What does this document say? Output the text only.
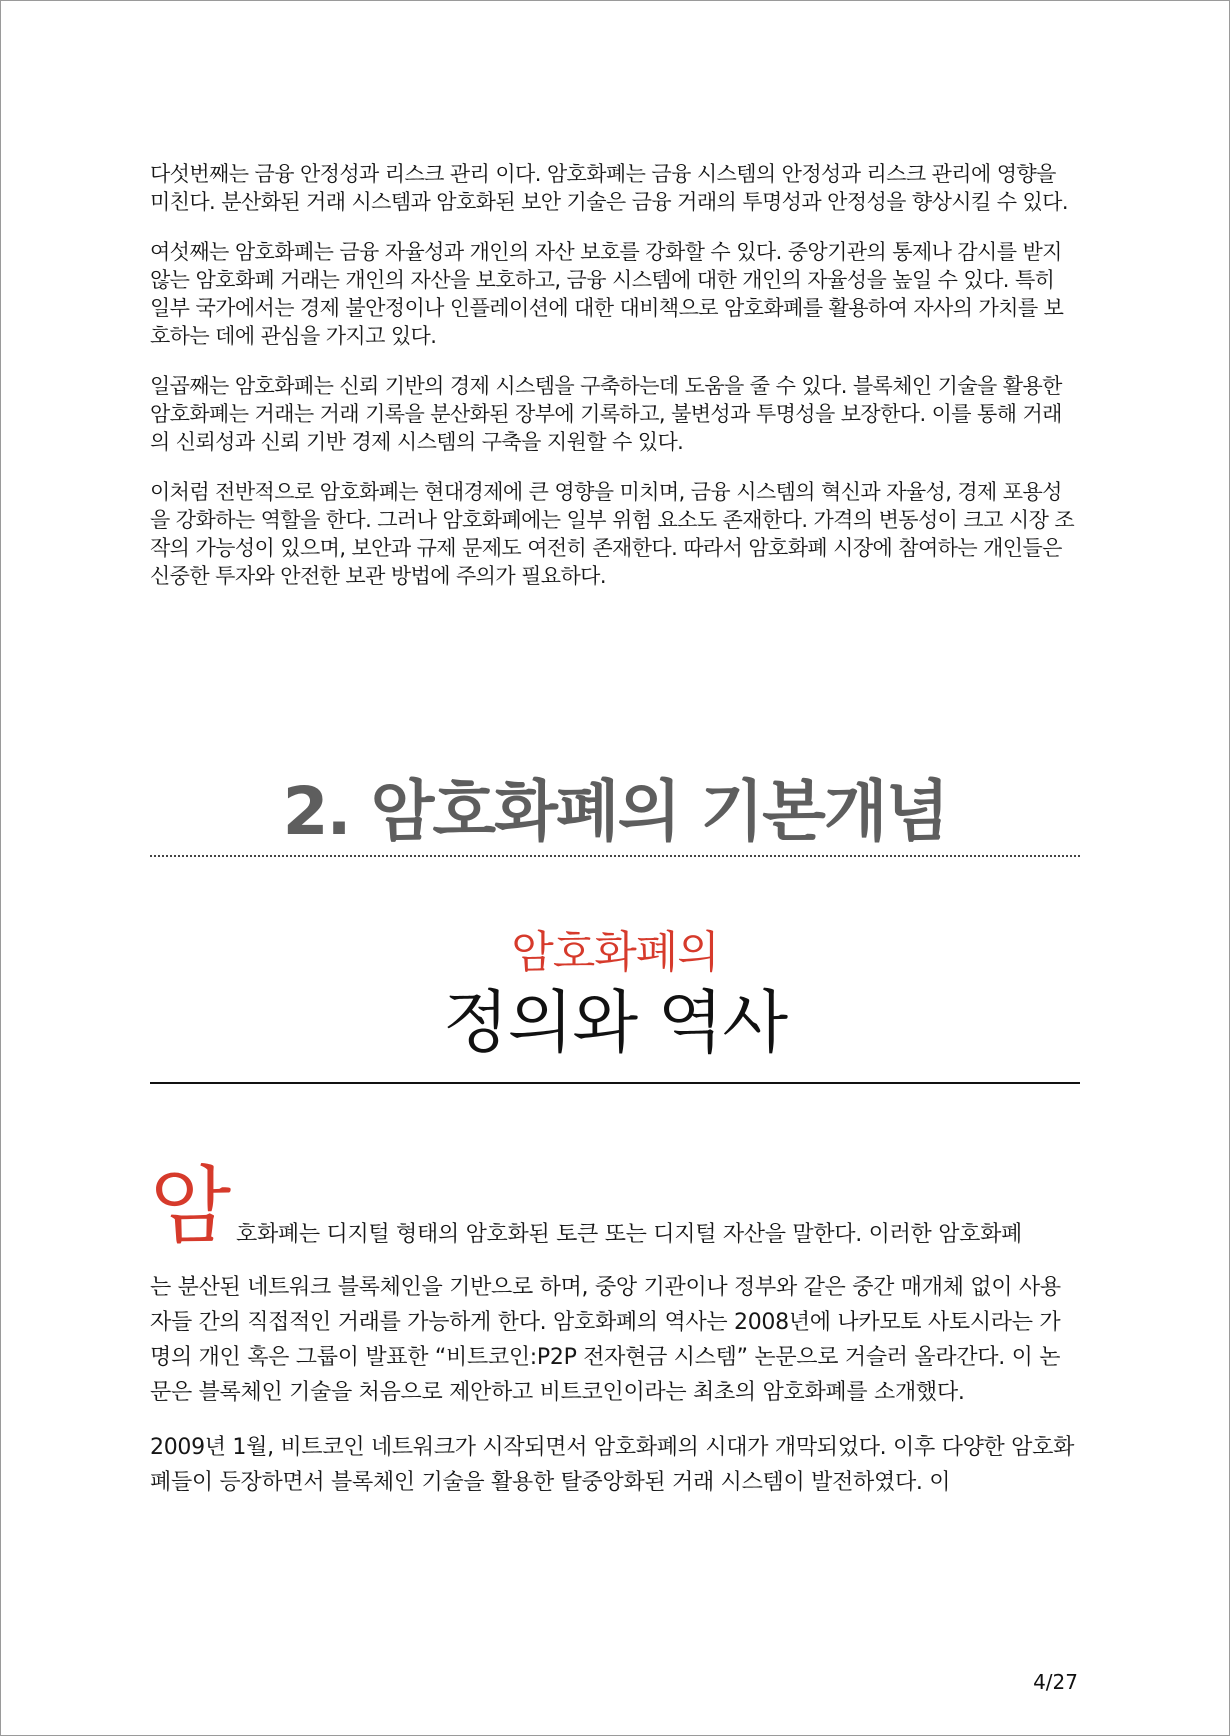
다섯번째는 금융 안정성과 리스크 관리 이다. 암호화폐는 금융 시스템의 안정성과 리스크 관리에 영향을 미친다. 분산화된 거래 시스템과 암호화된 보안 기술은 금융 거래의 투명성과 안정성을 향상시킬 수 있다.

여섯째는 암호화폐는 금융 자율성과 개인의 자산 보호를 강화할 수 있다. 중앙기관의 통제나 감시를 받지 않는 암호화폐 거래는 개인의 자산을 보호하고, 금융 시스템에 대한 개인의 자율성을 높일 수 있다. 특히 일부 국가에서는 경제 불안정이나 인플레이션에 대한 대비책으로 암호화폐를 활용하여 자사의 가치를 보호하는 데에 관심을 가지고 있다.

일곱째는 암호화폐는 신뢰 기반의 경제 시스템을 구축하는데 도움을 줄 수 있다. 블록체인 기술을 활용한 암호화폐는 거래는 거래 기록을 분산화된 장부에 기록하고, 불변성과 투명성을 보장한다. 이를 통해 거래의 신뢰성과 신뢰 기반 경제 시스템의 구축을 지원할 수 있다.

이처럼 전반적으로 암호화폐는 현대경제에 큰 영향을 미치며, 금융 시스템의 혁신과 자율성, 경제 포용성을 강화하는 역할을 한다. 그러나 암호화폐에는 일부 위험 요소도 존재한다. 가격의 변동성이 크고 시장 조작의 가능성이 있으며, 보안과 규제 문제도 여전히 존재한다. 따라서 암호화폐 시장에 참여하는 개인들은 신중한 투자와 안전한 보관 방법에 주의가 필요하다.

2. 암호화폐의 기본개념
암호화폐의
정의와 역사
암 호화폐는 디지털 형태의 암호화된 토큰 또는 디지털 자산을 말한다. 이러한 암호화폐

는 분산된 네트워크 블록체인을 기반으로 하며, 중앙 기관이나 정부와 같은 중간 매개체 없이 사용자들 간의 직접적인 거래를 가능하게 한다. 암호화폐의 역사는 2008년에 나카모토 사토시라는 가명의 개인 혹은 그룹이 발표한 “비트코인:P2P 전자현금 시스템” 논문으로 거슬러 올라간다. 이 논문은 블록체인 기술을 처음으로 제안하고 비트코인이라는 최초의 암호화폐를 소개했다.

2009년 1월, 비트코인 네트워크가 시작되면서 암호화폐의 시대가 개막되었다. 이후 다양한 암호화폐들이 등장하면서 블록체인 기술을 활용한 탈중앙화된 거래 시스템이 발전하였다. 이

4/27
